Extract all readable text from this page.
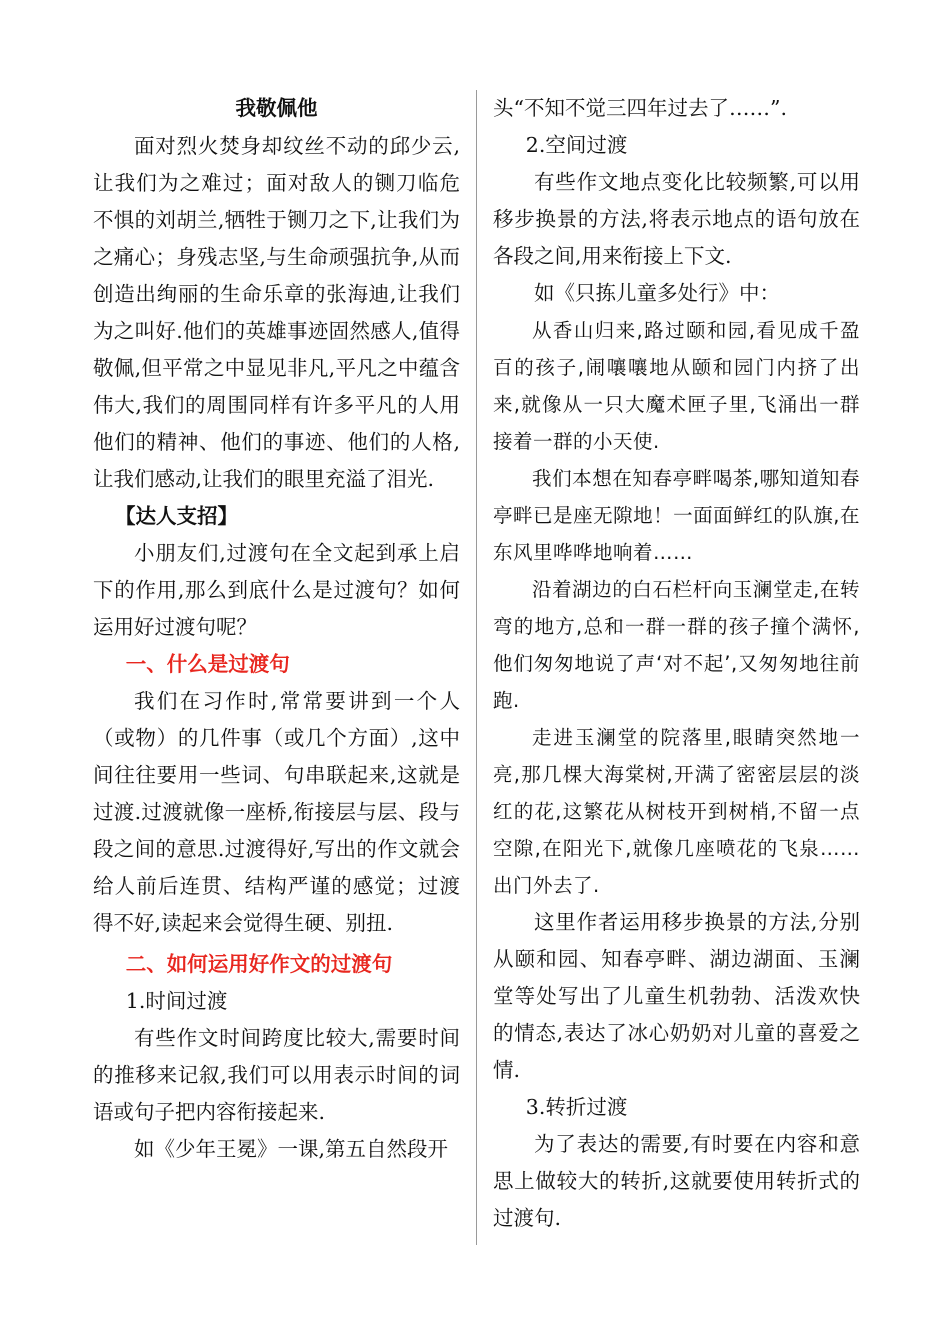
我敬佩他

面对烈火焚身却纹丝不动的邱少云,让我们为之难过；面对敌人的铡刀临危不惧的刘胡兰,牺牲于铡刀之下,让我们为之痛心；身残志坚,与生命顽强抗争,从而创造出绚丽的生命乐章的张海迪,让我们为之叫好.他们的英雄事迹固然感人,值得敬佩,但平常之中显见非凡,平凡之中蕴含伟大,我们的周围同样有许多平凡的人用他们的精神、他们的事迹、他们的人格,让我们感动,让我们的眼里充溢了泪光.

【达人支招】

小朋友们,过渡句在全文起到承上启下的作用,那么到底什么是过渡句？如何运用好过渡句呢？

一、什么是过渡句

我们在习作时,常常要讲到一个人（或物）的几件事（或几个方面）,这中间往往要用一些词、句串联起来,这就是过渡.过渡就像一座桥,衔接层与层、段与段之间的意思.过渡得好,写出的作文就会给人前后连贯、结构严谨的感觉；过渡得不好,读起来会觉得生硬、别扭.

二、如何运用好作文的过渡句

1.时间过渡

有些作文时间跨度比较大,需要时间的推移来记叙,我们可以用表示时间的词语或句子把内容衔接起来.

如《少年王冕》一课,第五自然段开

头“不知不觉三四年过去了……”.

2.空间过渡

有些作文地点变化比较频繁,可以用移步换景的方法,将表示地点的语句放在各段之间,用来衔接上下文.

如《只拣儿童多处行》中：

从香山归来,路过颐和园,看见成千盈百的孩子,闹嚷嚷地从颐和园门内挤了出来,就像从一只大魔术匣子里,飞涌出一群接着一群的小天使.

我们本想在知春亭畔喝茶,哪知道知春亭畔已是座无隙地！一面面鲜红的队旗,在东风里哗哗地响着……

沿着湖边的白石栏杆向玉澜堂走,在转弯的地方,总和一群一群的孩子撞个满怀,他们匆匆地说了声‘对不起’,又匆匆地往前跑.

走进玉澜堂的院落里,眼睛突然地一亮,那几棵大海棠树,开满了密密层层的淡红的花,这繁花从树枝开到树梢,不留一点空隙,在阳光下,就像几座喷花的飞泉……出门外去了.

这里作者运用移步换景的方法,分别从颐和园、知春亭畔、湖边湖面、玉澜堂等处写出了儿童生机勃勃、活泼欢快的情态,表达了冰心奶奶对儿童的喜爱之情.

3.转折过渡

为了表达的需要,有时要在内容和意思上做较大的转折,这就要使用转折式的过渡句.
